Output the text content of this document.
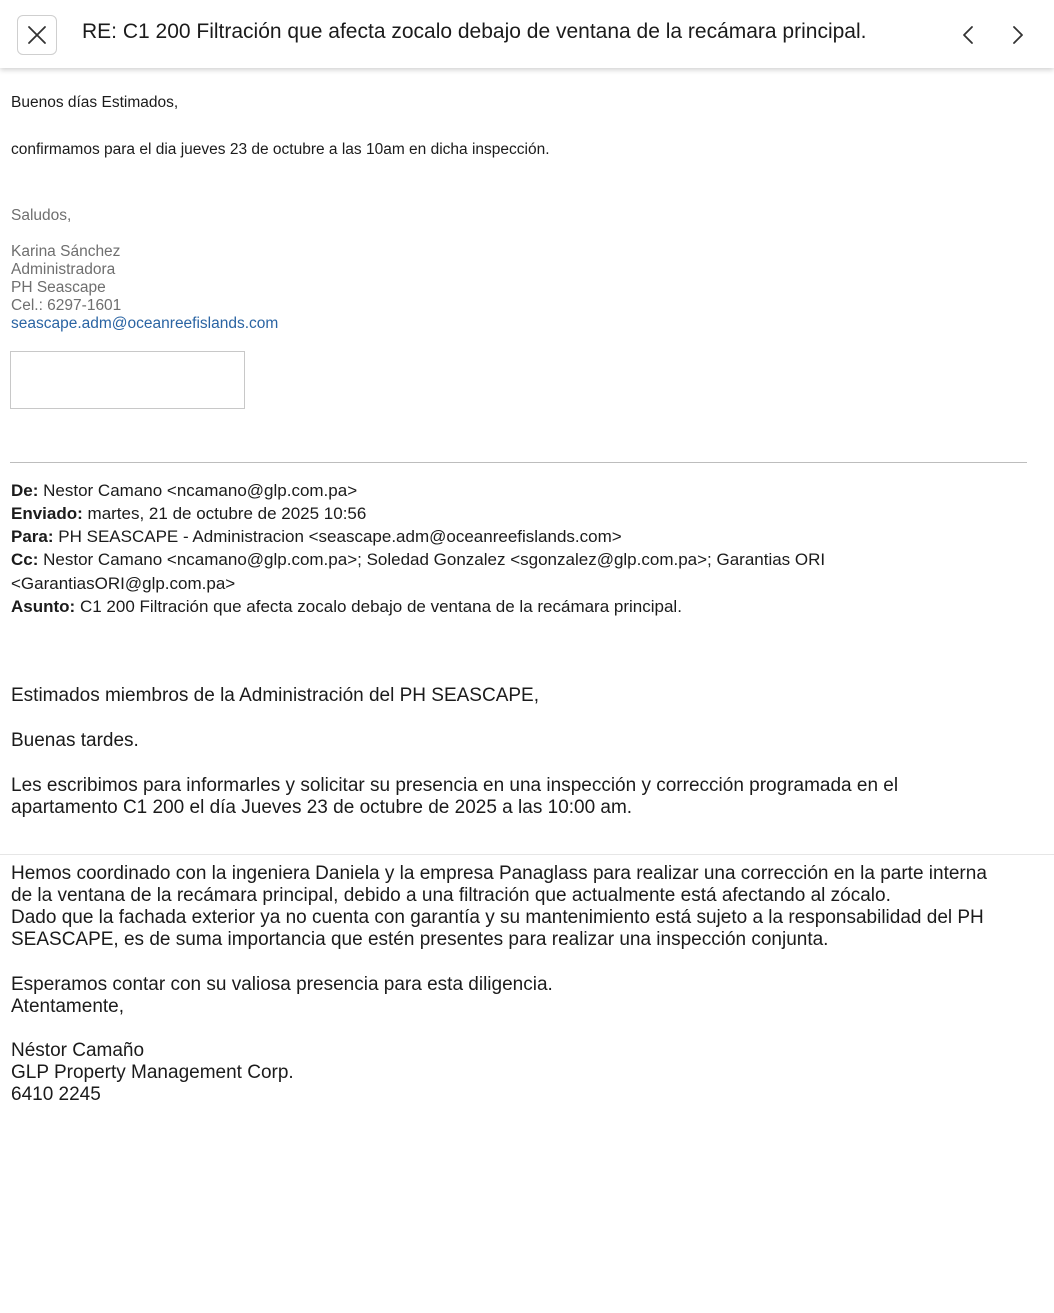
RE: C1 200 Filtración que afecta zocalo debajo de ventana de la recámara principal.
Buenos días Estimados,
confirmamos para el dia jueves 23 de octubre a las 10am en dicha inspección.
Saludos,
Karina Sánchez
Administradora
PH Seascape
Cel.: 6297-1601
seascape.adm@oceanreefislands.com
De: Nestor Camano <ncamano@glp.com.pa>
Enviado: martes, 21 de octubre de 2025 10:56
Para: PH SEASCAPE - Administracion <seascape.adm@oceanreefislands.com>
Cc: Nestor Camano <ncamano@glp.com.pa>; Soledad Gonzalez <sgonzalez@glp.com.pa>; Garantias ORI
<GarantiasORI@glp.com.pa>
Asunto: C1 200 Filtración que afecta zocalo debajo de ventana de la recámara principal.
Estimados miembros de la Administración del PH SEASCAPE,
Buenas tardes.
Les escribimos para informarles y solicitar su presencia en una inspección y corrección programada en el
apartamento C1 200 el día Jueves 23 de octubre de 2025 a las 10:00 am.
Hemos coordinado con la ingeniera Daniela y la empresa Panaglass para realizar una corrección en la parte interna
de la ventana de la recámara principal, debido a una filtración que actualmente está afectando al zócalo.
Dado que la fachada exterior ya no cuenta con garantía y su mantenimiento está sujeto a la responsabilidad del PH
SEASCAPE, es de suma importancia que estén presentes para realizar una inspección conjunta.
Esperamos contar con su valiosa presencia para esta diligencia.
Atentamente,
Néstor Camaño
GLP Property Management Corp.
6410 2245
